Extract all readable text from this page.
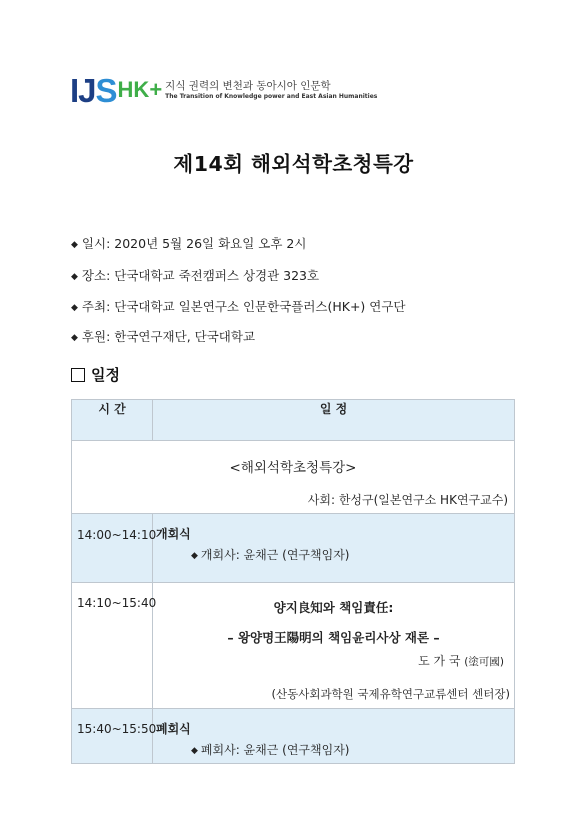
IJS HK+ 지식 권력의 변천과 동아시아 인문학
The Transition of Knowledge power and East Asian Humanities
제14회 해외석학초청특강
◆ 일시: 2020년 5월 26일 화요일 오후 2시
◆ 장소: 단국대학교 죽전캠퍼스 상경관 323호
◆ 주최: 단국대학교 일본연구소 인문한국플러스(HK+) 연구단
◆ 후원: 한국연구재단, 단국대학교
일정
시 간	일 정

<해외석학초청특강>
사회: 한성구(일본연구소 HK연구교수)	

14:00~14:10	개회식
◆ 개회사: 윤채근 (연구책임자)

14:10~15:40	양지良知와 책임責任:
– 왕양명王陽明의 책임윤리사상 재론 –
도 가 국 (塗可國)
(산동사회과학원 국제유학연구교류센터 센터장)

15:40~15:50	폐회식
◆ 폐회사: 윤채근 (연구책임자)
